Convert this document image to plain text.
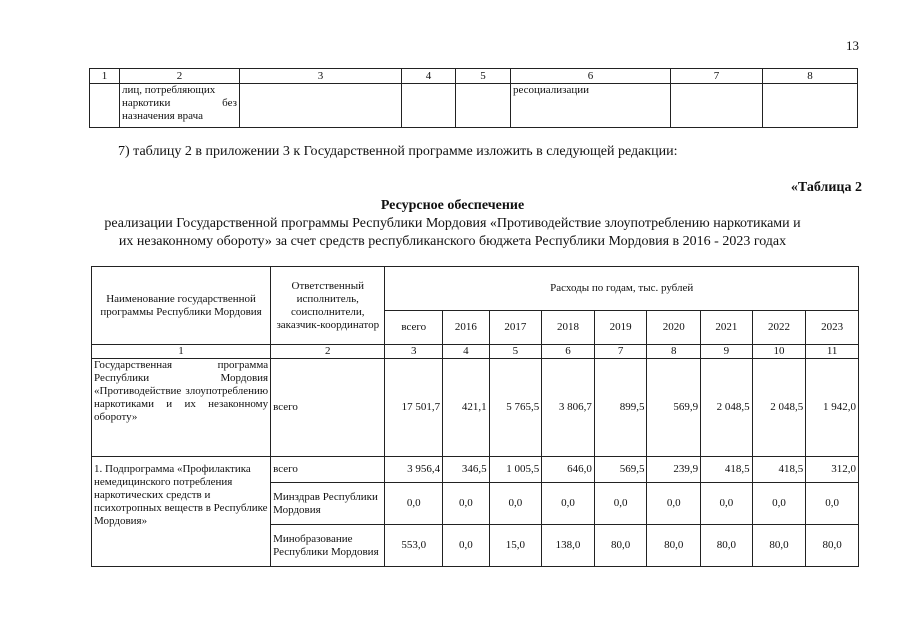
13
1	2	3	4	5	6	7	8

	лиц, потребляющих
наркотики без
назначения врача				ресоциализации		
7) таблицу 2 в приложении 3 к Государственной программе изложить в следующей редакции:
«Таблица 2
Ресурсное обеспечение
реализации Государственной программы Республики Мордовия «Противодействие злоупотреблению наркотиками и
их незаконному обороту» за счет средств республиканского бюджета Республики Мордовия в 2016 - 2023 годах
Наименование государственной программы Республики Мордовия	Ответственный исполнитель, соисполнители, заказчик-координатор	Расходы по годам, тыс. рублей								
		всего	2016	2017	2018	2019	2020	2021	2022	2023
1	2	3	4	5	6	7	8	9	10	11
Государственная программа Республики Мордовия «Противодействие злоупотреблению наркотиками и их незаконному обороту»	всего	17 501,7	421,1	5 765,5	3 806,7	899,5	569,9	2 048,5	2 048,5	1 942,0
1. Подпрограмма «Профилактика немедицинского потребления наркотических средств и психотропных веществ в Республике Мордовия»	всего	3 956,4	346,5	1 005,5	646,0	569,5	239,9	418,5	418,5	312,0
	Минздрав Республики Мордовия	0,0	0,0	0,0	0,0	0,0	0,0	0,0	0,0	0,0
	Минобразование Республики Мордовия	553,0	0,0	15,0	138,0	80,0	80,0	80,0	80,0	80,0
